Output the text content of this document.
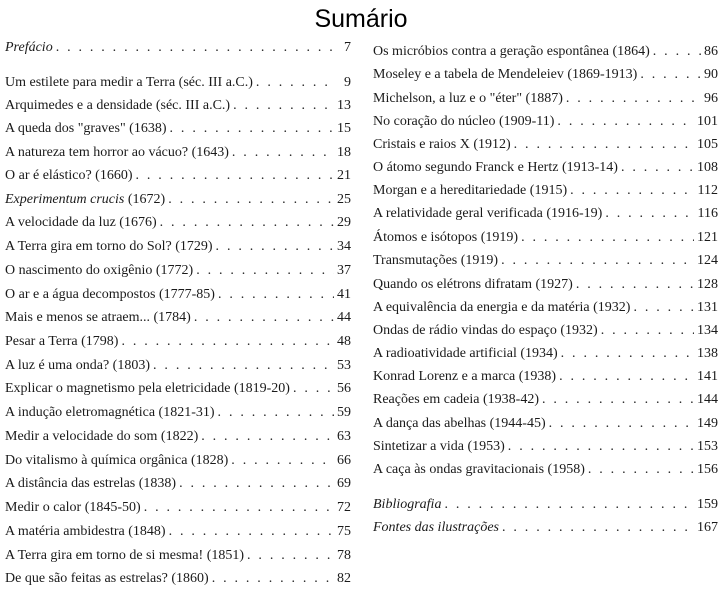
Sumário
Prefácio . . .	7
Um estilete para medir a Terra (séc. III a.C.) . . .	9
Arquimedes e a densidade (séc. III a.C.) . . .	13
A queda dos "graves" (1638) . . .	15
A natureza tem horror ao vácuo? (1643) . . .	18
O ar é elástico? (1660) . . .	21
Experimentum crucis (1672) . . .	25
A velocidade da luz (1676) . . .	29
A Terra gira em torno do Sol? (1729) . . .	34
O nascimento do oxigênio (1772) . . .	37
O ar e a água decompostos (1777-85) . . .	41
Mais e menos se atraem... (1784) . . .	44
Pesar a Terra (1798) . . .	48
A luz é uma onda? (1803) . . .	53
Explicar o magnetismo pela eletricidade (1819-20) . . .	56
A indução eletromagnética (1821-31) . . .	59
Medir a velocidade do som (1822) . . .	63
Do vitalismo à química orgânica (1828) . . .	66
A distância das estrelas (1838) . . .	69
Medir o calor (1845-50) . . .	72
A matéria ambidestra (1848) . . .	75
A Terra gira em torno de si mesma! (1851) . . .	78
De que são feitas as estrelas? (1860) . . .	82
Os micróbios contra a geração espontânea (1864) . . .	86
Moseley e a tabela de Mendeleiev (1869-1913) . . .	90
Michelson, a luz e o "éter" (1887) . . .	96
No coração do núcleo (1909-11) . . .	101
Cristais e raios X (1912) . . .	105
O átomo segundo Franck e Hertz (1913-14) . . .	108
Morgan e a hereditariedade (1915) . . .	112
A relatividade geral verificada (1916-19) . . .	116
Átomos e isótopos (1919) . . .	121
Transmutações (1919) . . .	124
Quando os elétrons difratam (1927) . . .	128
A equivalência da energia e da matéria (1932) . . .	131
Ondas de rádio vindas do espaço (1932) . . .	134
A radioatividade artificial (1934) . . .	138
Konrad Lorenz e a marca (1938) . . .	141
Reações em cadeia (1938-42) . . .	144
A dança das abelhas (1944-45) . . .	149
Sintetizar a vida (1953) . . .	153
A caça às ondas gravitacionais (1958) . . .	156
Bibliografia . . .	159
Fontes das ilustrações . . .	167
